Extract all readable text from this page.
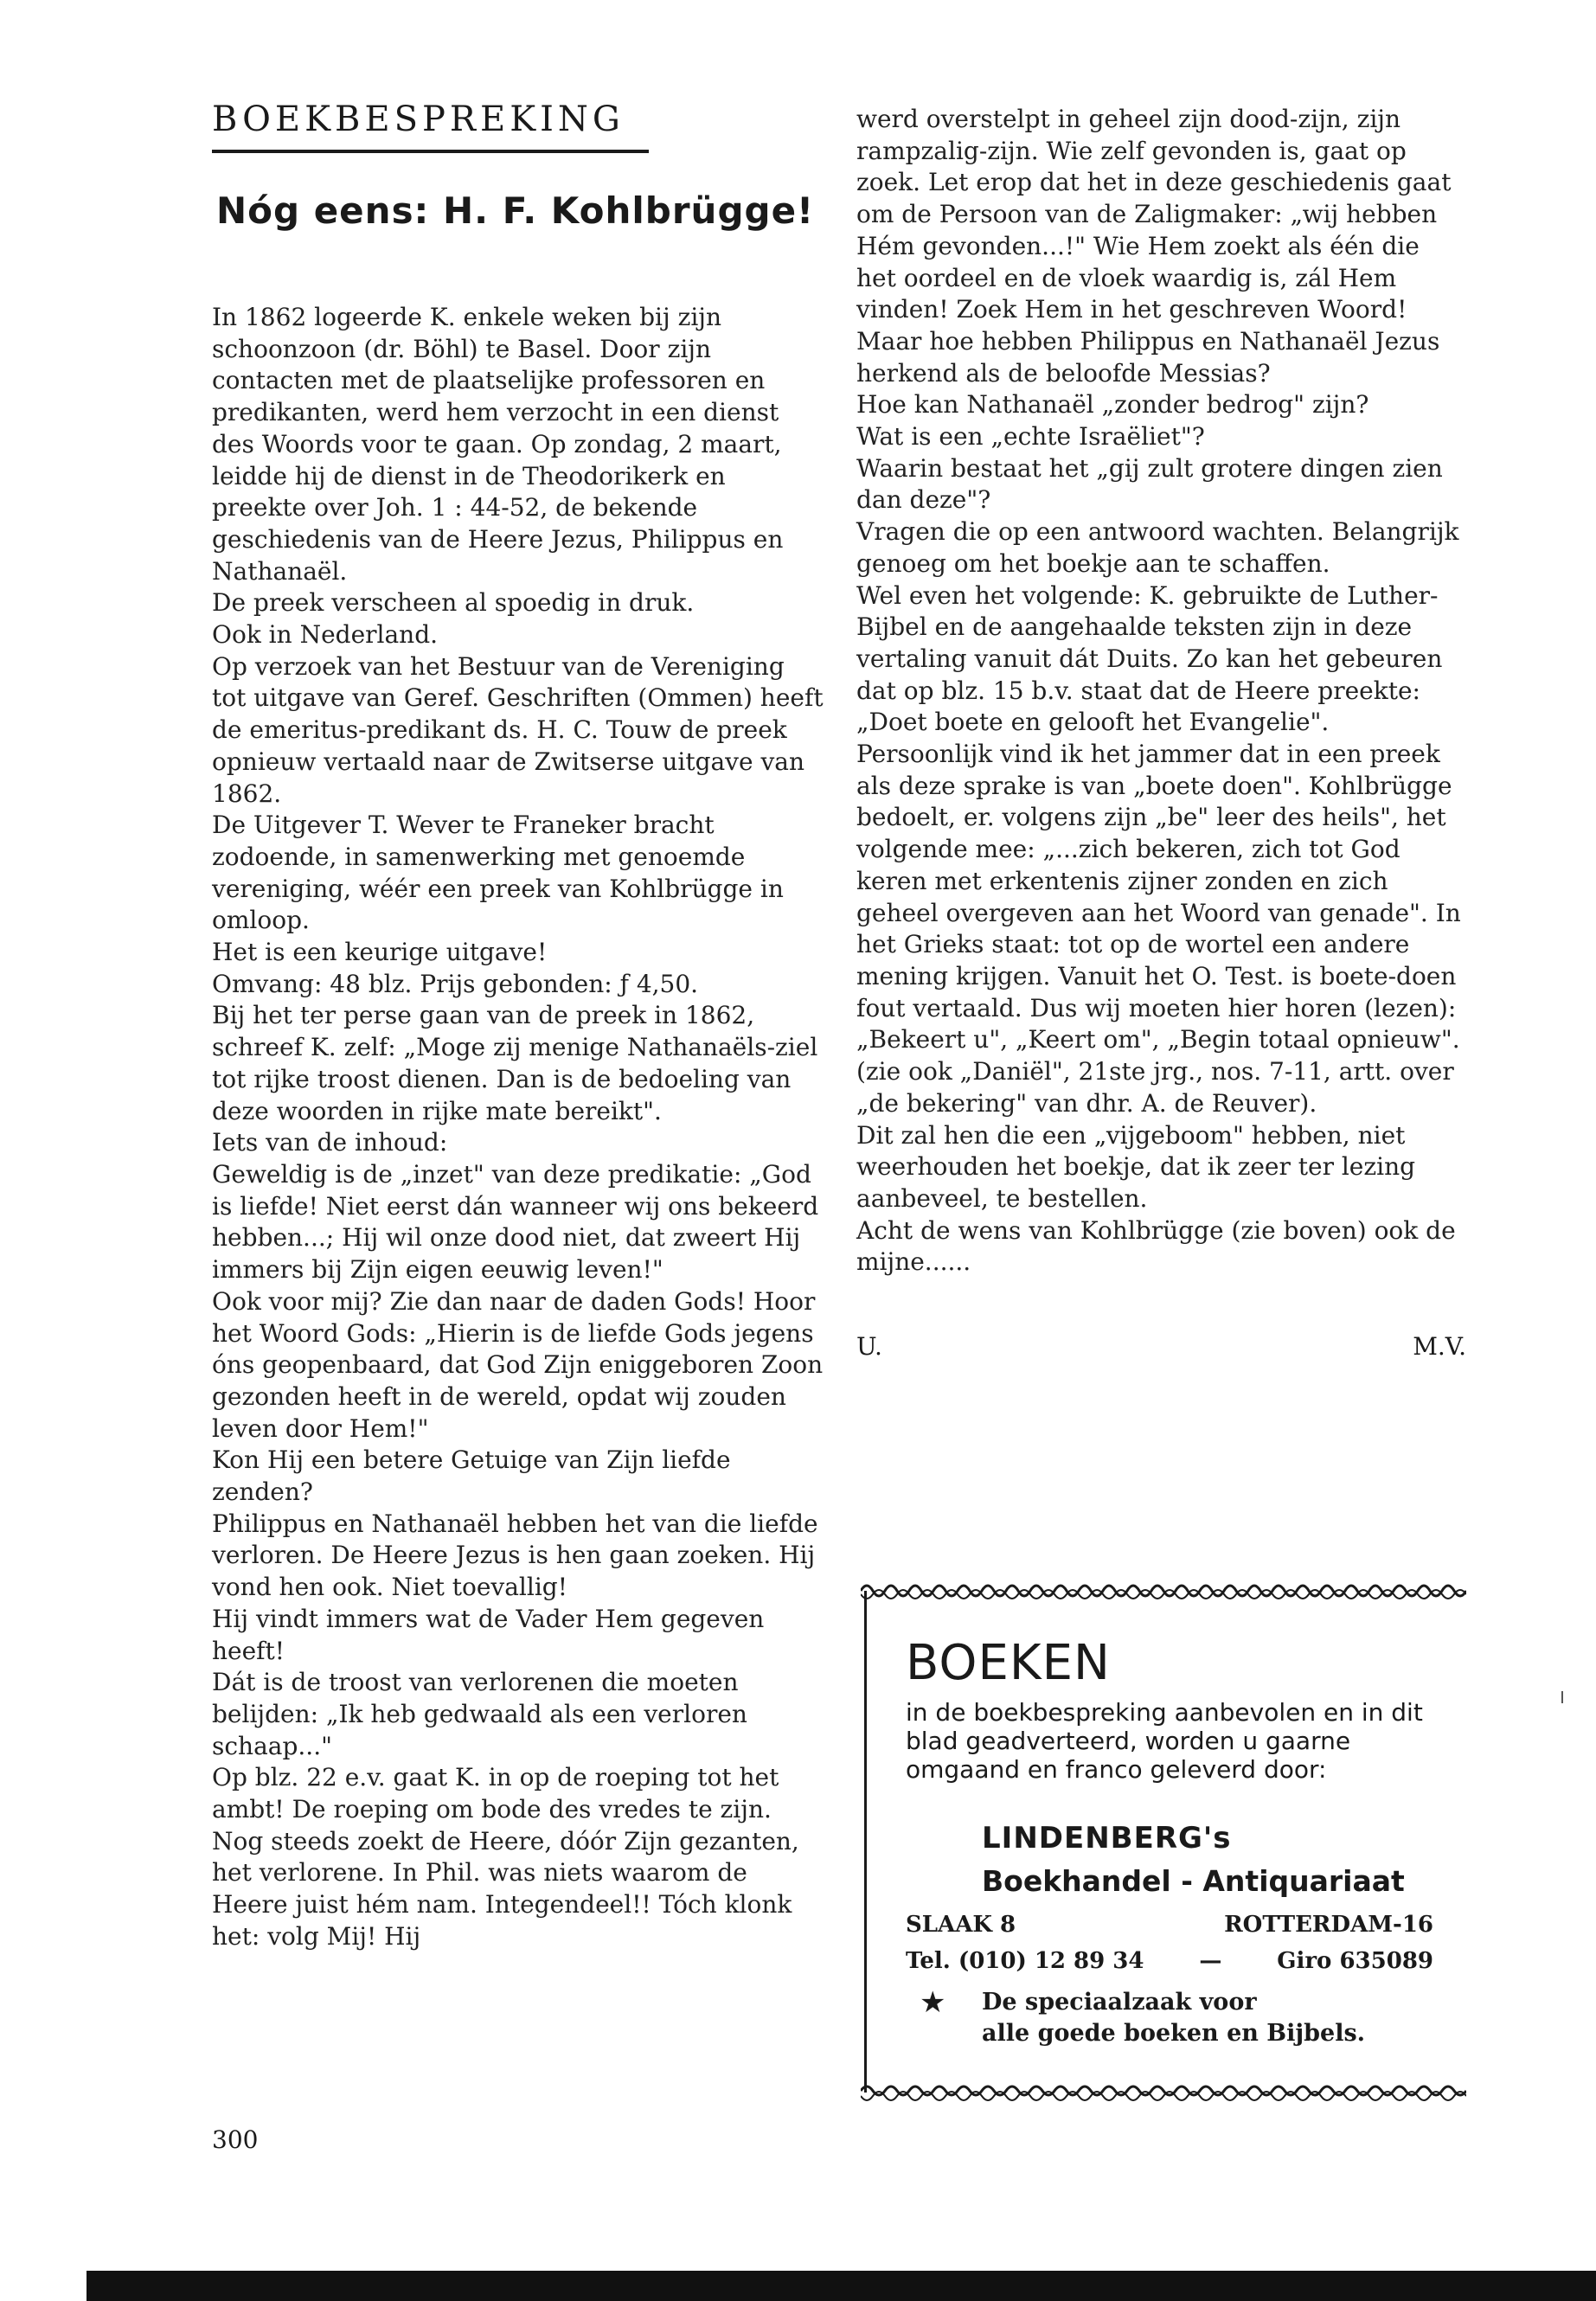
BOEKBESPREKING
Nóg eens: H. F. Kohlbrügge!

In 1862 logeerde K. enkele weken bij zijn schoonzoon (dr. Böhl) te Basel. Door zijn contacten met de plaatselijke professoren en predikanten, werd hem verzocht in een dienst des Woords voor te gaan. Op zondag, 2 maart, leidde hij de dienst in de Theodorikerk en preekte over Joh. 1 : 44-52, de bekende geschiedenis van de Heere Jezus, Philippus en Nathanaël.

De preek verscheen al spoedig in druk.

Ook in Nederland.

Op verzoek van het Bestuur van de Vereniging tot uitgave van Geref. Geschriften (Ommen) heeft de emeritus-predikant ds. H. C. Touw de preek opnieuw vertaald naar de Zwitserse uitgave van 1862.

De Uitgever T. Wever te Franeker bracht zodoende, in samenwerking met genoemde vereniging, wéér een preek van Kohlbrügge in omloop.

Het is een keurige uitgave!

Omvang: 48 blz. Prijs gebonden: ƒ 4,50.

Bij het ter perse gaan van de preek in 1862, schreef K. zelf: „Moge zij menige Nathanaëls-ziel tot rijke troost dienen. Dan is de bedoeling van deze woorden in rijke mate bereikt".

Iets van de inhoud:

Geweldig is de „inzet" van deze predikatie: „God is liefde! Niet eerst dán wanneer wij ons bekeerd hebben...; Hij wil onze dood niet, dat zweert Hij immers bij Zijn eigen eeuwig leven!"

Ook voor mij? Zie dan naar de daden Gods! Hoor het Woord Gods: „Hierin is de liefde Gods jegens óns geopenbaard, dat God Zijn eniggeboren Zoon gezonden heeft in de wereld, opdat wij zouden leven door Hem!"

Kon Hij een betere Getuige van Zijn liefde zenden?

Philippus en Nathanaël hebben het van die liefde verloren. De Heere Jezus is hen gaan zoeken. Hij vond hen ook. Niet toevallig!

Hij vindt immers wat de Vader Hem gegeven heeft!

Dát is de troost van verlorenen die moeten belijden: „Ik heb gedwaald als een verloren schaap..."

Op blz. 22 e.v. gaat K. in op de roeping tot het ambt! De roeping om bode des vredes te zijn. Nog steeds zoekt de Heere, dóór Zijn gezanten, het verlorene. In Phil. was niets waarom de Heere juist hém nam. Integendeel!! Tóch klonk het: volg Mij! Hij

werd overstelpt in geheel zijn dood-zijn, zijn rampzalig-zijn. Wie zelf gevonden is, gaat op zoek. Let erop dat het in deze geschiedenis gaat om de Persoon van de Zaligmaker: „wij hebben Hém gevonden...!" Wie Hem zoekt als één die het oordeel en de vloek waardig is, zál Hem vinden! Zoek Hem in het geschreven Woord!

Maar hoe hebben Philippus en Nathanaël Jezus herkend als de beloofde Messias?

Hoe kan Nathanaël „zonder bedrog" zijn?

Wat is een „echte Israëliet"?

Waarin bestaat het „gij zult grotere dingen zien dan deze"?

Vragen die op een antwoord wachten. Belangrijk genoeg om het boekje aan te schaffen.

Wel even het volgende: K. gebruikte de Luther-Bijbel en de aangehaalde teksten zijn in deze vertaling vanuit dát Duits. Zo kan het gebeuren dat op blz. 15 b.v. staat dat de Heere preekte: „Doet boete en gelooft het Evangelie". Persoonlijk vind ik het jammer dat in een preek als deze sprake is van „boete doen". Kohlbrügge bedoelt, er. volgens zijn „be" leer des heils", het volgende mee: „...zich bekeren, zich tot God keren met erkentenis zijner zonden en zich geheel overgeven aan het Woord van genade". In het Grieks staat: tot op de wortel een andere mening krijgen. Vanuit het O. Test. is boete-doen fout vertaald. Dus wij moeten hier horen (lezen): „Bekeert u", „Keert om", „Begin totaal opnieuw". (zie ook „Daniël", 21ste jrg., nos. 7-11, artt. over „de bekering" van dhr. A. de Reuver).

Dit zal hen die een „vijgeboom" hebben, niet weerhouden het boekje, dat ik zeer ter lezing aanbeveel, te bestellen.

Acht de wens van Kohlbrügge (zie boven) ook de mijne......

U.	M.V.
BOEKEN

in de boekbespreking aanbevolen en in dit blad geadverteerd, worden u gaarne omgaand en franco geleverd door:

LINDENBERG's
Boekhandel - Antiquariaat
SLAAK 8	ROTTERDAM-16
Tel. (010) 12 89 34 — Giro 635089
★ De speciaalzaak voor

alle goede boeken en Bijbels.

300
